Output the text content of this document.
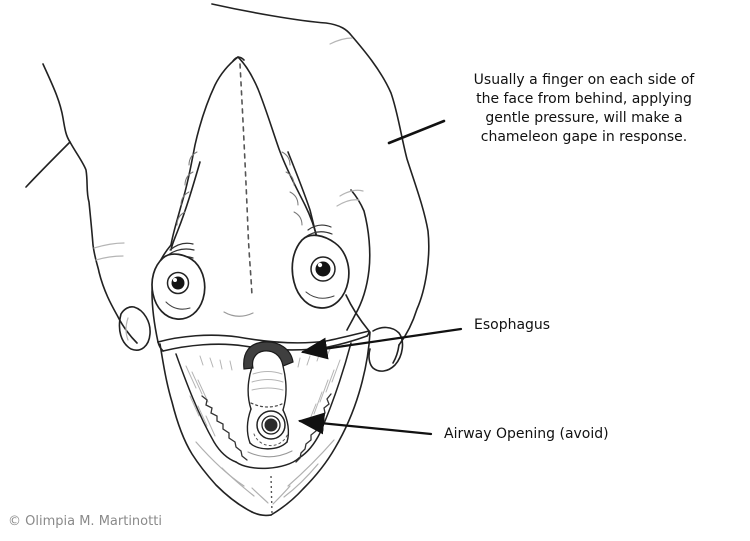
Usually a finger on each side of
the face from behind, applying
gentle pressure, will make a
chameleon gape in response.
Esophagus
Airway Opening (avoid)
© Olimpia M. Martinotti
